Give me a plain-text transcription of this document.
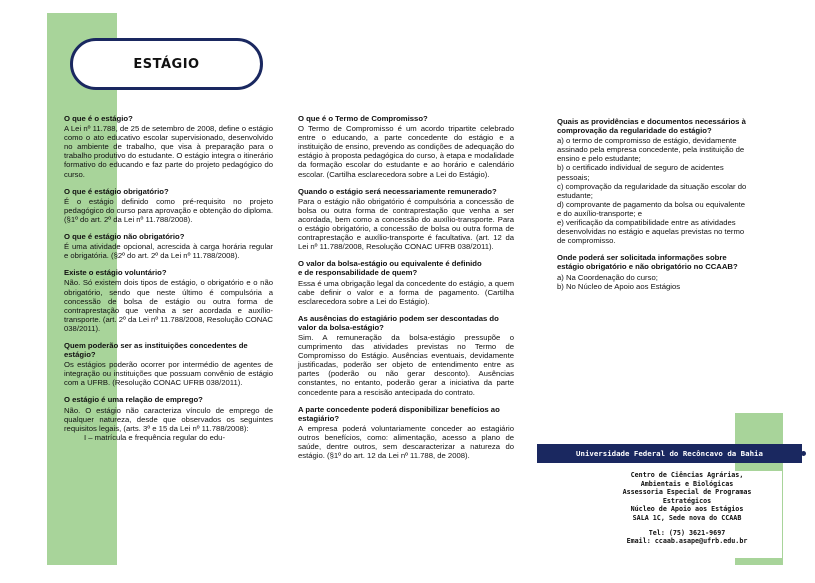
ESTÁGIO

O que é o estágio?

A Lei nº 11.788, de 25 de setembro de 2008, define o estágio como o ato educativo escolar supervisionado, desenvolvido no ambiente de trabalho, que visa à preparação para o trabalho produtivo do estudante. O estágio integra o itinerário formativo do educando e faz parte do projeto pedagógico do curso.

O que é estágio obrigatório?

É o estágio definido como pré-requisito no projeto pedagógico do curso para aprovação e obtenção do diploma. (§1º do art. 2º da Lei nº 11.788/2008).

O que é estágio não obrigatório?

É uma atividade opcional, acrescida à carga horária regular e obrigatória. (§2º do art. 2º da Lei nº 11.788/2008).

Existe o estágio voluntário?

Não. Só existem dois tipos de estágio, o obrigatório e o não obrigatório, sendo que neste último é compulsória a concessão de bolsa de estágio ou outra forma de contraprestação que venha a ser acordada e auxílio-transporte. (art. 2º da Lei nº 11.788/2008, Resolução CONAC 038/2011).

Quem poderão ser as instituições concedentes de estágio?

Os estágios poderão ocorrer por intermédio de agentes de integração ou instituições que possuam convênio de estágio com a UFRB. (Resolução CONAC UFRB 038/2011).

O estágio é uma relação de emprego?

Não. O estágio não caracteriza vínculo de emprego de qualquer natureza, desde que observados os seguintes requisitos legais, (arts. 3º e 15 da Lei nº 11.788/2008):

I – matrícula e frequência regular do edu-

O que é o Termo de Compromisso?

O Termo de Compromisso é um acordo tripartite celebrado entre o educando, a parte concedente do estágio e a instituição de ensino, prevendo as condições de adequação do estágio à proposta pedagógica do curso, à etapa e modalidade da formação escolar do estudante e ao horário e calendário escolar. (Cartilha esclarecedora sobre a Lei do Estágio).

Quando o estágio será necessariamente remunerado?

Para o estágio não obrigatório é compulsória a concessão de bolsa ou outra forma de contraprestação que venha a ser acordada, bem como a concessão do auxílio-transporte. Para o estágio obrigatório, a concessão de bolsa ou outra forma de contraprestação e auxílio-transporte é facultativa. (art. 12 da Lei nº 11.788/2008, Resolução CONAC UFRB 038/2011).

O valor da bolsa-estágio ou equivalente é definido

e de responsabilidade de quem?

Essa é uma obrigação legal da concedente do estágio, a quem cabe definir o valor e a forma de pagamento. (Cartilha esclarecedora sobre a Lei do Estágio).

As ausências do estagiário podem ser descontadas do valor da bolsa-estágio?

Sim. A remuneração da bolsa-estágio pressupõe o cumprimento das atividades previstas no Termo de Compromisso do Estágio. Ausências eventuais, devidamente justificadas, poderão ser objeto de entendimento entre as partes (poderão ou não gerar desconto). Ausências constantes, no entanto, poderão gerar a iniciativa da parte concedente para a rescisão antecipada do contrato.

A parte concedente poderá disponibilizar benefícios ao estagiário?

A empresa poderá voluntariamente conceder ao estagiário outros benefícios, como: alimentação, acesso a plano de saúde, dentre outros, sem descaracterizar a natureza do estágio. (§1º do art. 12 da Lei nº 11.788, de 2008).

Quais as providências e documentos necessários à comprovação da regularidade do estágio?

a) o termo de compromisso de estágio, devidamente assinado pela empresa concedente, pela instituição de

ensino e pelo estudante;

b) o certificado individual de seguro de acidentes pessoais;

c) comprovação da regularidade da situação escolar do estudante;

d) comprovante de pagamento da bolsa ou equivalente e do auxílio-transporte; e

e) verificação da compatibilidade entre as atividades desenvolvidas no estágio e aquelas previstas no termo de compromisso.

Onde poderá ser solicitada informações sobre estágio obrigatório e não obrigatório no CCAAB?

a) Na Coordenação do curso;

b) No Núcleo de Apoio aos Estágios

Universidade Federal do Recôncavo da Bahia
Centro de Ciências Agrárias,
Ambientais e Biológicas
Assessoria Especial de Programas
Estratégicos
Núcleo de Apoio aos Estágios
SALA 1C, Sede nova do CCAAB
Tel: (75) 3621-9697
Email: ccaab.asape@ufrb.edu.br
